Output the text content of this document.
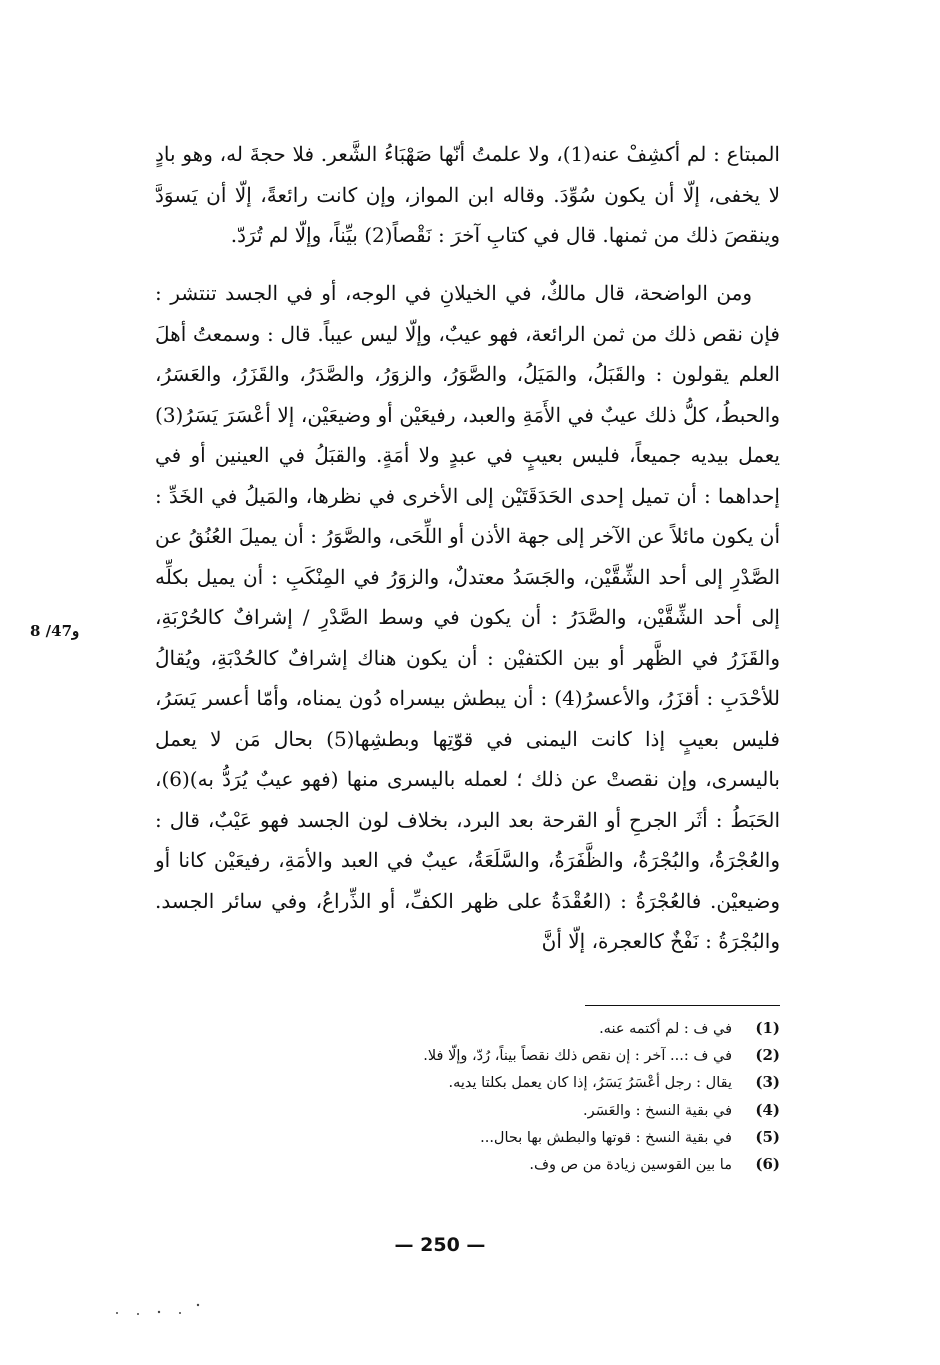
المبتاع : لم أكشِفْ عنه(1)، ولا علمتُ أنّها صَهْبَاءُ الشَّعر. فلا حجةَ له، وهو بادٍ لا يخفى، إلّا أن يكون سُوِّدَ. وقاله ابن المواز، وإن كانت رائعةً، إلّا أن يَسوَدَّ وينقصَ ذلك من ثمنها. قال في كتابِ آخرَ : نَقْصاً(2) بيِّناً، وإلّا لم تُرَدّ.

ومن الواضحة، قال مالكٌ، في الخيلانِ في الوجه، أو في الجسد تنتشر : فإن نقص ذلك من ثمن الرائعة، فهو عيبٌ، وإلّا ليس عيباً. قال : وسمعتُ أهلَ العلم يقولون : والقَبَلُ، والمَيَلُ، والصَّوَرُ، والزوَرُ، والصَّدَرُ، والقَزَرُ، والعَسَرُ، والحبطُ، كلُّ ذلك عيبٌ في الأَمَةِ والعبد، رفيعَيْن أو وضيعَيْن، إلا أعْسَرَ يَسَرُ(3) يعمل بيديه جميعاً، فليس بعيبٍ في عبدٍ ولا أمَةٍ. والقبَلُ في العينين أو في إحداهما : أن تميل إحدى الحَدَقَتَيْن إلى الأخرى في نظرها، والمَيلُ في الخَدِّ : أن يكون مائلاً عن الآخر إلى جهة الأذن أو اللِّحَى، والصَّوَرُ : أن يميلَ العُنُقُ عن الصَّدْرِ إلى أحد الشِّقَّيْن، والجَسَدُ معتدلٌ، والزوَرُ في المِنْكَبِ : أن يميل بكلِّه إلى أحد الشِّقَّيْن، والصَّدَرُ : أن يكون في وسط الصَّدْرِ / إشرافٌ كالحُرْبَةِ، والقَزَرُ في الظَّهر أو بين الكتفيْن : أن يكون هناك إشرافٌ كالحُدْبَةِ، ويُقالُ للأحْدَبِ : أقزَرُ، والأعسرُ(4) : أن يبطش بيسراه دُون يمناه، وأمّا أعسر يَسَرُ، فليس بعيبٍ إذا كانت اليمنى في قوّتِها وبطشِها(5) بحال مَن لا يعمل باليسرى، وإن نقصتْ عن ذلك ؛ لعمله باليسرى منها (فهو عيبٌ يُرَدُّ به)(6)، الحَبَطُ : أثَر الجرحِ أو القرحة بعد البرد، بخلاف لون الجسد فهو عَيْبٌ، قال : والعُجْرَةُ، والبُجْرَةُ، والظَّفَرَةُ، والسَّلَعَةُ، عيبٌ في العبد والأمَةِ، رفيعَيْن كانا أو وضيعيْن. فالعُجْرَةُ : (العُقْدَةُ على ظهر الكفِّ، أو الذِّراعُ، وفي سائر الجسد. والبُجْرَةُ : نَفْخٌ كالعجرة، إلّا أنَّ

و47/ 8
(1)
في ف : لم أكتمه عنه.
(2)
في ف :... آخر : إن نقص ذلك نقصاً بيناً، رُدّ، وإلّا فلا.
(3)
يقال : رجل أعْسَرُ يَسَرُ، إذا كان يعمل بكلتا يديه.
(4)
في بقية النسخ : والعَسَر.
(5)
في بقية النسخ : قوتها والبطش بها بحال...
(6)
ما بين القوسين زيادة من ص وف.
— 250 —
